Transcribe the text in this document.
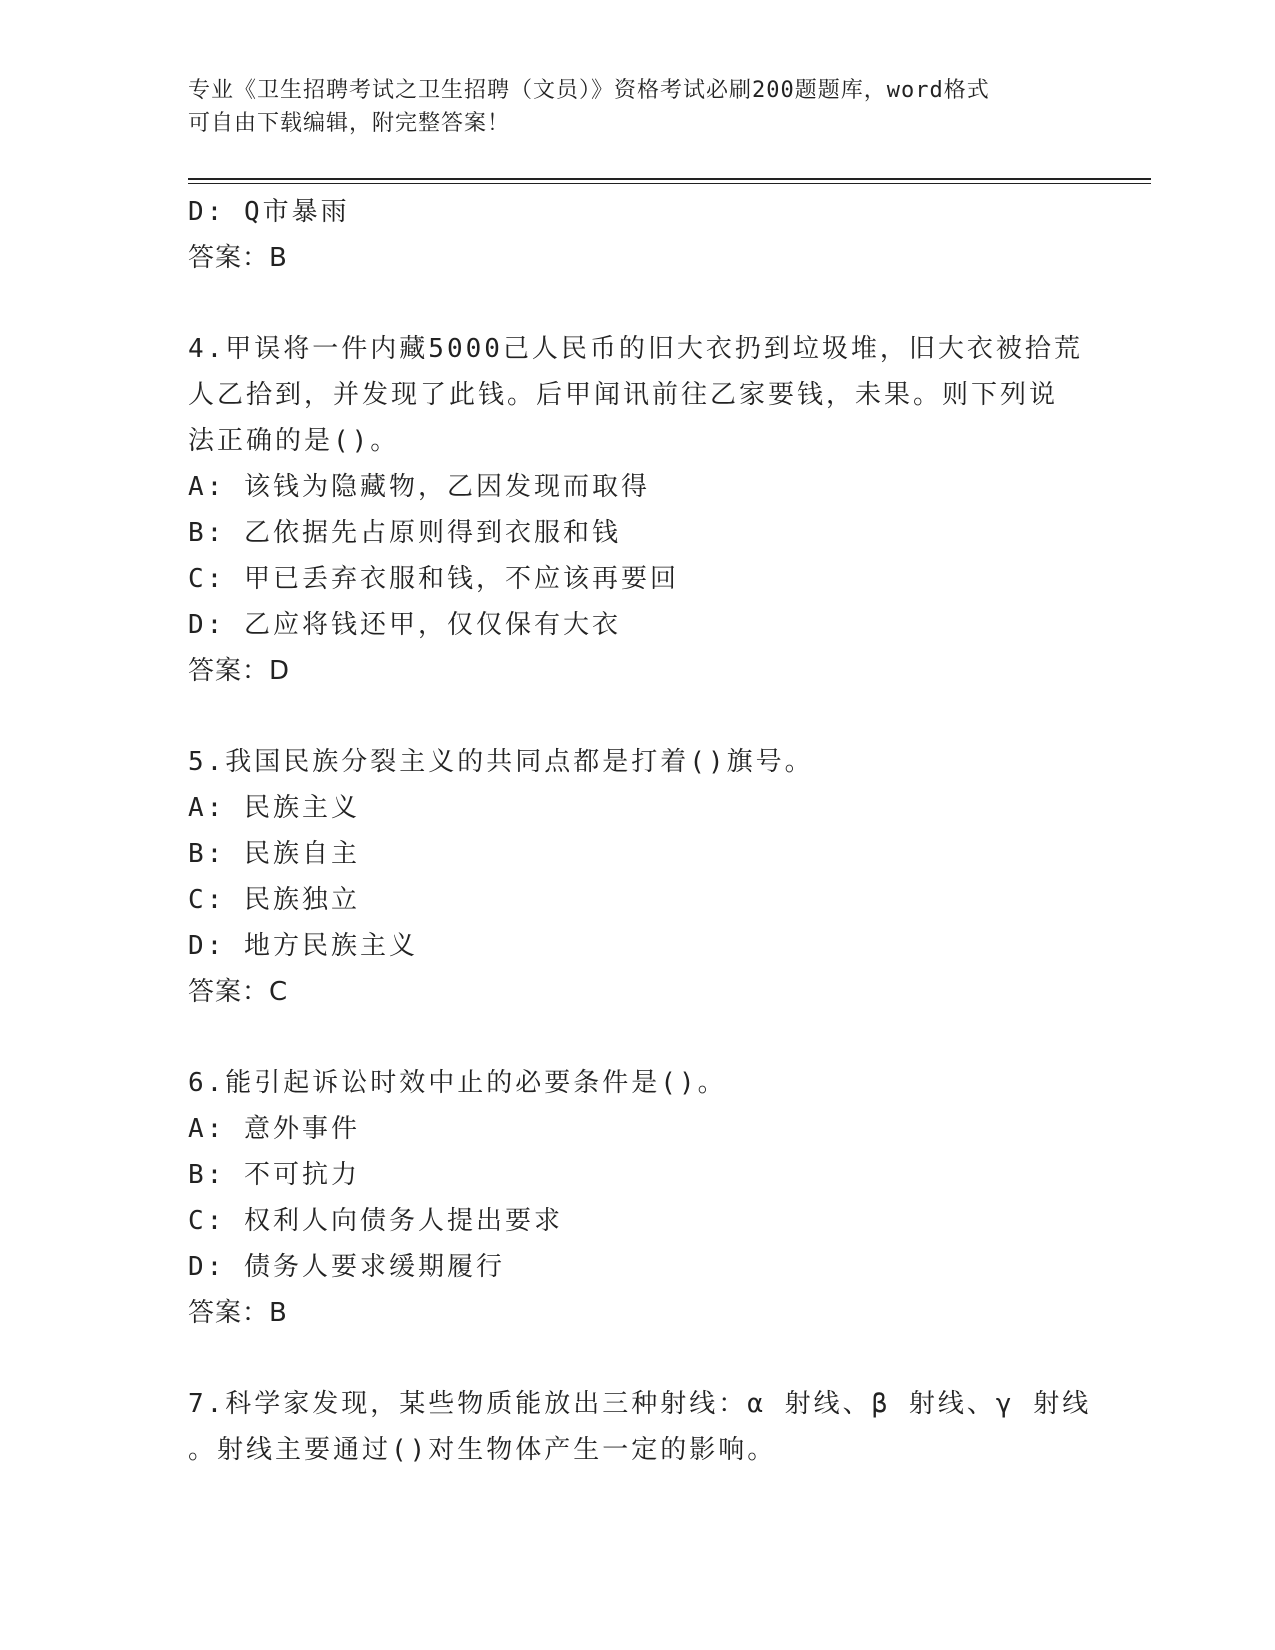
专业《卫生招聘考试之卫生招聘（文员）》资格考试必刷200题题库，word格式
可自由下载编辑，附完整答案！
D: Q市暴雨
答案：B
4.甲误将一件内藏5000己人民币的旧大衣扔到垃圾堆，旧大衣被拾荒
人乙拾到，并发现了此钱。后甲闻讯前往乙家要钱，未果。则下列说
法正确的是()。
A: 该钱为隐藏物，乙因发现而取得
B: 乙依据先占原则得到衣服和钱
C: 甲已丢弃衣服和钱，不应该再要回
D: 乙应将钱还甲，仅仅保有大衣
答案：D
5.我国民族分裂主义的共同点都是打着()旗号。
A: 民族主义
B: 民族自主
C: 民族独立
D: 地方民族主义
答案：C
6.能引起诉讼时效中止的必要条件是()。
A: 意外事件
B: 不可抗力
C: 权利人向债务人提出要求
D: 债务人要求缓期履行
答案：B
7.科学家发现，某些物质能放出三种射线：α 射线、β 射线、γ 射线
。射线主要通过()对生物体产生一定的影响。
